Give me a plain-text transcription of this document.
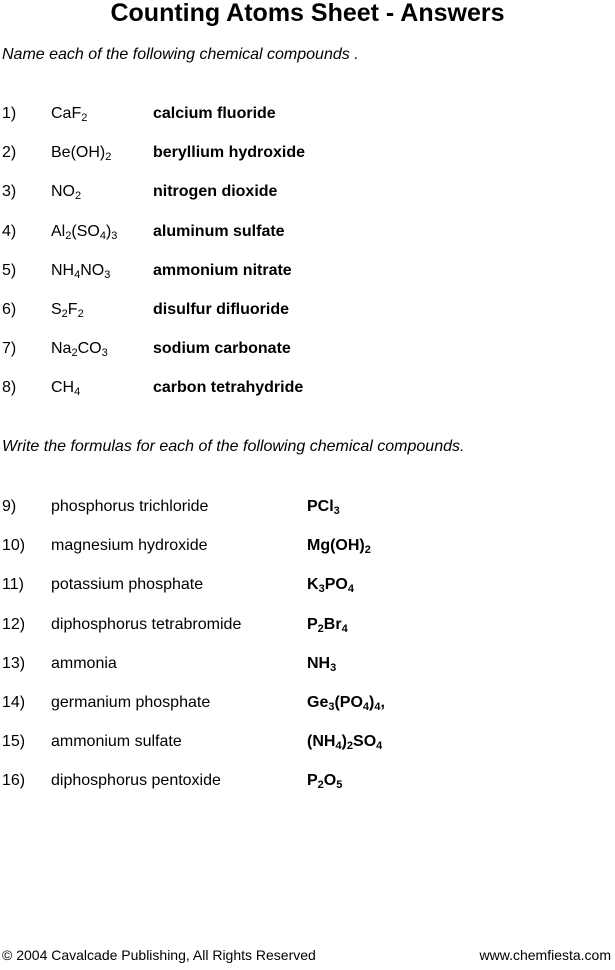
Counting Atoms Sheet - Answers

Name each of the following chemical compounds .

1) CaF$_2$	calcium fluoride
2) $Be(OH)_2$	beryllium hydroxide
3) $NO_2$	nitrogen dioxide
4) $Al_2(SO_4)_3$ aluminum sulfate
5) $NH_4NO_3$	ammonium nitrate
6) $S_2F_2$	disulfur difluoride
7) $Na_2CO_3$	sodium carbonate
8) $CH_4$	carbon tetrahydride

Write the formulas for each of the following chemical compounds.

9) phosphorus trichloride	PCl$_3$
10) magnesium hydroxide	$Mg(OH)_2$
11) potassium phosphate	$K_3PO_4$
12) diphosphorus tetrabromide	$P_2Br_4$
13) ammonia	$NH_3$
14) germanium phosphate	$Ge_3(PO_4)_4$,
15) ammonium sulfate	$(NH_4)_2SO_4$
16) diphosphorus pentoxide	$P_2O_5$
© 2004 Cavalcade Publishing, All Rights Reserved	www.chemfiesta.com
